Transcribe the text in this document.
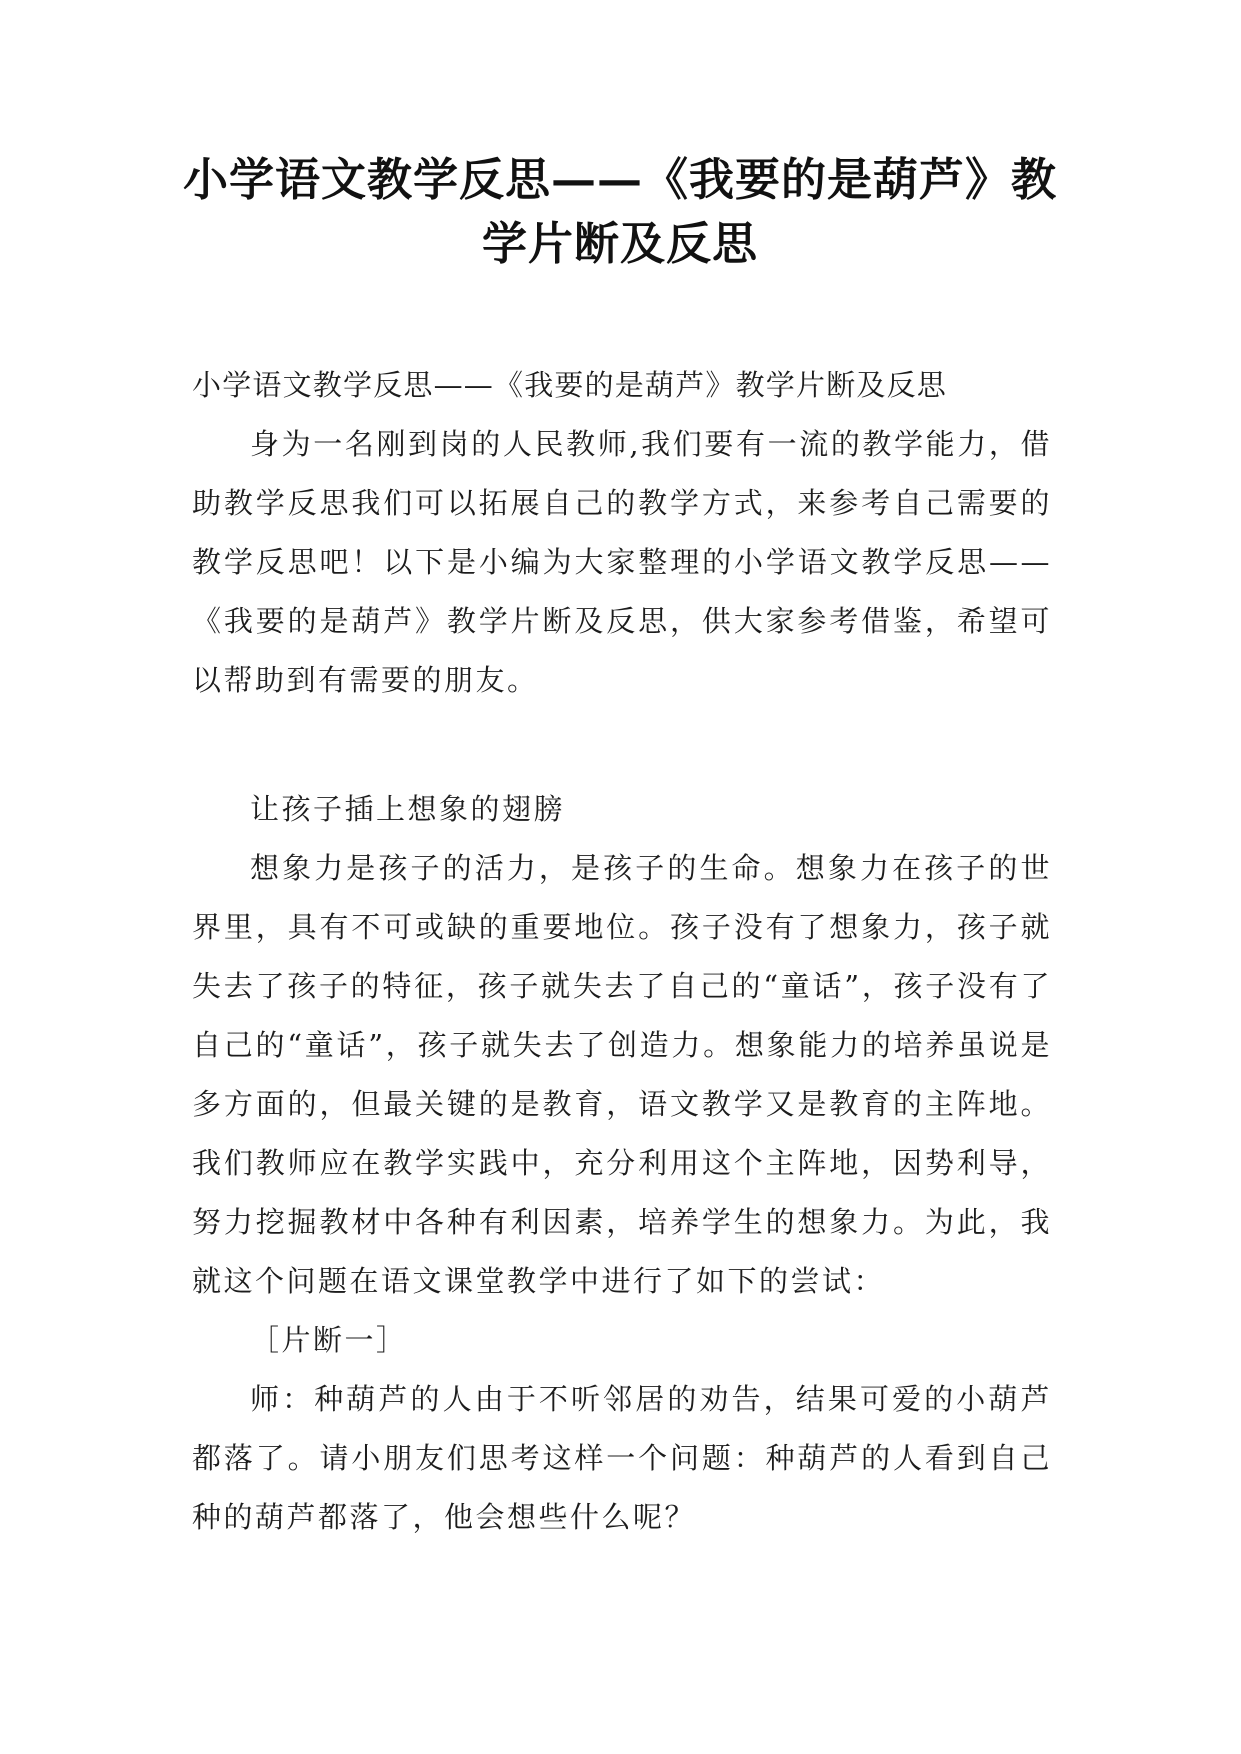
小学语文教学反思——《我要的是葫芦》教学片断及反思

小学语文教学反思——《我要的是葫芦》教学片断及反思

身为一名刚到岗的人民教师,我们要有一流的教学能力，借助教学反思我们可以拓展自己的教学方式，来参考自己需要的教学反思吧！以下是小编为大家整理的小学语文教学反思——《我要的是葫芦》教学片断及反思，供大家参考借鉴，希望可以帮助到有需要的朋友。

让孩子插上想象的翅膀

想象力是孩子的活力，是孩子的生命。想象力在孩子的世界里，具有不可或缺的重要地位。孩子没有了想象力，孩子就失去了孩子的特征，孩子就失去了自己的“童话”，孩子没有了自己的“童话”，孩子就失去了创造力。想象能力的培养虽说是多方面的，但最关键的是教育，语文教学又是教育的主阵地。我们教师应在教学实践中，充分利用这个主阵地，因势利导，努力挖掘教材中各种有利因素，培养学生的想象力。为此，我就这个问题在语文课堂教学中进行了如下的尝试：

［片断一］

师：种葫芦的人由于不听邻居的劝告，结果可爱的小葫芦都落了。请小朋友们思考这样一个问题：种葫芦的人看到自己种的葫芦都落了，他会想些什么呢？
